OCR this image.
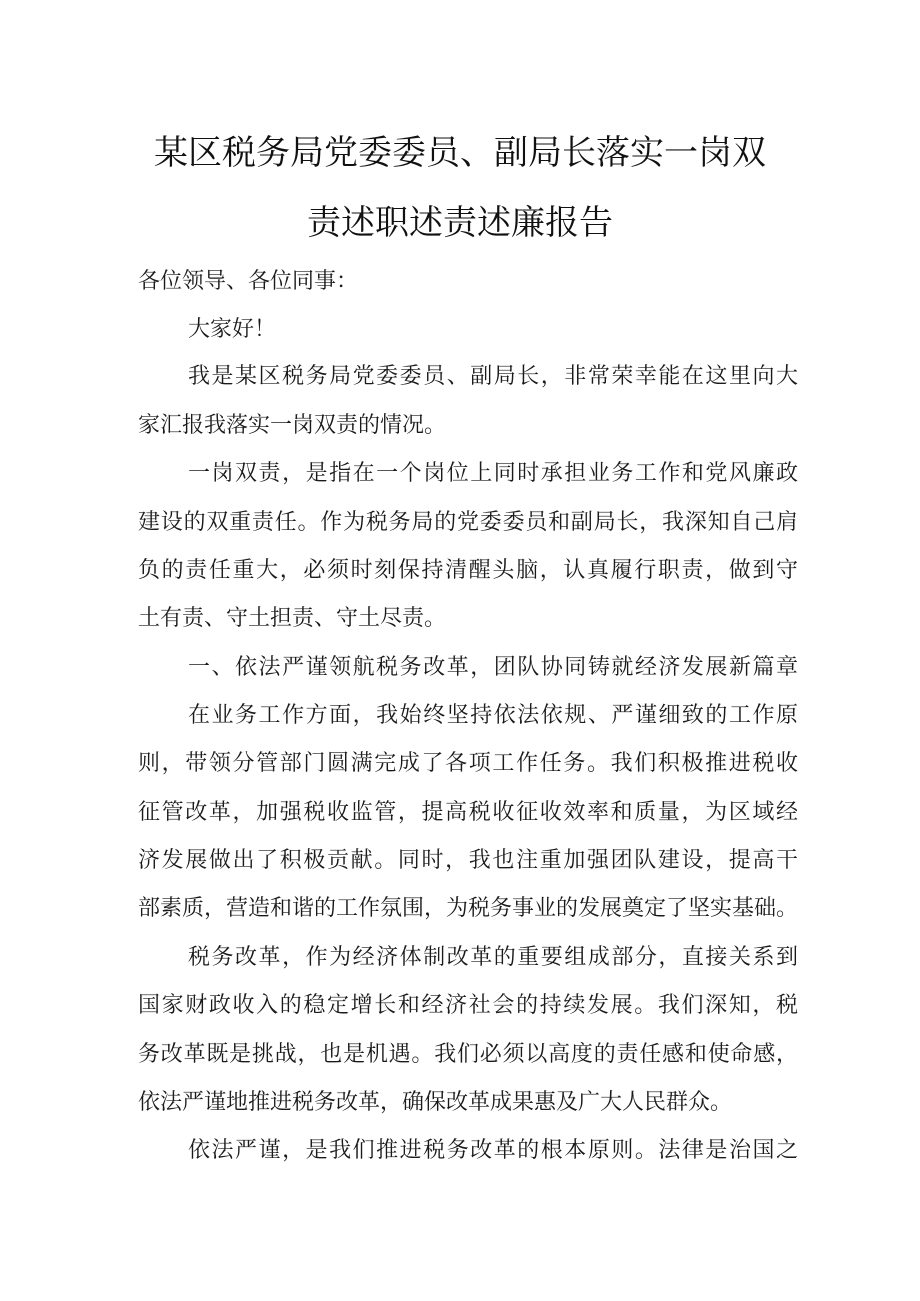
某区税务局党委委员、副局长落实一岗双
责述职述责述廉报告
各位领导、各位同事：
大家好！
我是某区税务局党委委员、副局长，非常荣幸能在这里向大
家汇报我落实一岗双责的情况。
一岗双责，是指在一个岗位上同时承担业务工作和党风廉政
建设的双重责任。作为税务局的党委委员和副局长，我深知自己肩
负的责任重大，必须时刻保持清醒头脑，认真履行职责，做到守
土有责、守土担责、守土尽责。
一、依法严谨领航税务改革，团队协同铸就经济发展新篇章
在业务工作方面，我始终坚持依法依规、严谨细致的工作原
则，带领分管部门圆满完成了各项工作任务。我们积极推进税收
征管改革，加强税收监管，提高税收征收效率和质量，为区域经
济发展做出了积极贡献。同时，我也注重加强团队建设，提高干
部素质，营造和谐的工作氛围，为税务事业的发展奠定了坚实基础。
税务改革，作为经济体制改革的重要组成部分，直接关系到
国家财政收入的稳定增长和经济社会的持续发展。我们深知，税
务改革既是挑战，也是机遇。我们必须以高度的责任感和使命感，
依法严谨地推进税务改革，确保改革成果惠及广大人民群众。
依法严谨，是我们推进税务改革的根本原则。法律是治国之
